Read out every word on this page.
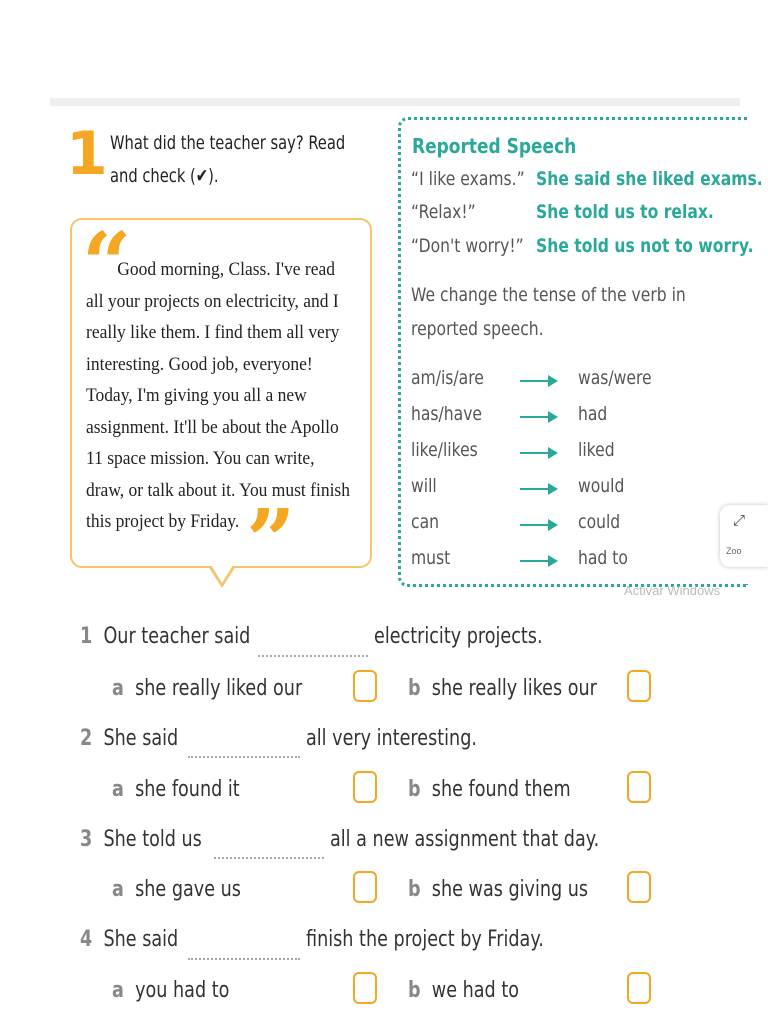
1 What did the teacher say? Read
and check (✔).
“
Good morning, Class. I've read
all your projects on electricity, and I
really like them. I find them all very
interesting. Good job, everyone!
Today, I'm giving you all a new
assignment. It'll be about the Apollo
11 space mission. You can write,
draw, or talk about it. You must finish
this project by Friday. ”
Reported Speech
“I like exams.” She said she liked exams.
“Relax!”	She told us to relax.
“Don't worry!” She told us not to worry.
We change the tense of the verb in
reported speech.
am/is/are	was/were
has/have	had
like/likes	liked
will	would
can	could
must	had to
⤢
Zoo
Activar Windows
1 Our teacher said	electricity projects.
a she really liked our	b she really likes our
2 She said	all very interesting.
a she found it	b she found them
3 She told us	all a new assignment that day.
a she gave us	b she was giving us
4 She said	finish the project by Friday.
a you had to	b we had to
